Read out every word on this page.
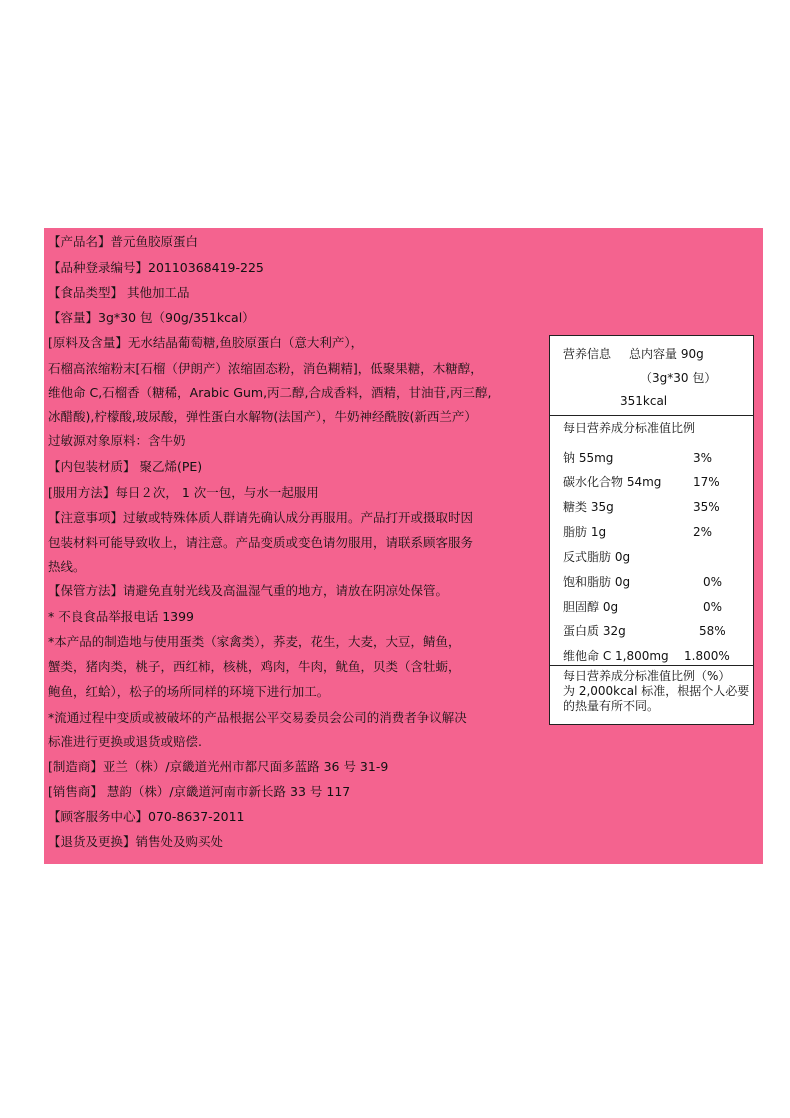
【产品名】普元鱼胶原蛋白
【品种登录编号】20110368419-225
【食品类型】 其他加工品
【容量】3g*30 包（90g/351kcal）
[原料及含量】无水结晶葡萄糖,鱼胶原蛋白（意大利产），
石榴高浓缩粉末[石榴（伊朗产）浓缩固态粉，消色糊精]，低聚果糖，木糖醇，
维他命 C,石榴香（糖稀，Arabic Gum,丙二醇,合成香料，酒精，甘油苷,丙三醇,
冰醋酸),柠檬酸,玻尿酸，弹性蛋白水解物(法国产），牛奶神经酰胺(新西兰产）
过敏源对象原料：含牛奶
【内包装材质】 聚乙烯(PE)
[服用方法】每日２次， 1 次一包，与水一起服用
【注意事项】过敏或特殊体质人群请先确认成分再服用。产品打开或摄取时因
包装材料可能导致收上，请注意。产品变质或变色请勿服用，请联系顾客服务
热线。
【保管方法】请避免直射光线及高温湿气重的地方，请放在阴凉处保管。
* 不良食品举报电话 1399
*本产品的制造地与使用蛋类（家禽类），荞麦，花生，大麦，大豆，鲭鱼，
蟹类，猪肉类，桃子，西红柿，核桃，鸡肉，牛肉，鱿鱼，贝类（含牡蛎，
鲍鱼，红蛤），松子的场所同样的环境下进行加工。
*流通过程中变质或被破坏的产品根据公平交易委员会公司的消费者争议解决
标准进行更换或退货或赔偿.
[制造商】亚兰（株）/京畿道光州市都尺面多蓝路 36 号 31-9
[销售商】 慧韵（株）/京畿道河南市新长路 33 号 117
【顾客服务中心】070-8637-2011
【退货及更换】销售处及购买处
营养信息 总内容量 90g
（3g*30 包）
351kcal
每日营养成分标准值比例
钠 55mg	3%
碳水化合物 54mg	17%
糖类 35g	35%
脂肪 1g	2%
反式脂肪 0g
饱和脂肪 0g	0%
胆固醇 0g	0%
蛋白质 32g	58%
维他命 C 1,800mg 1.800%
每日营养成分标准值比例（%）
为 2,000kcal 标准，根据个人必要
的热量有所不同。
